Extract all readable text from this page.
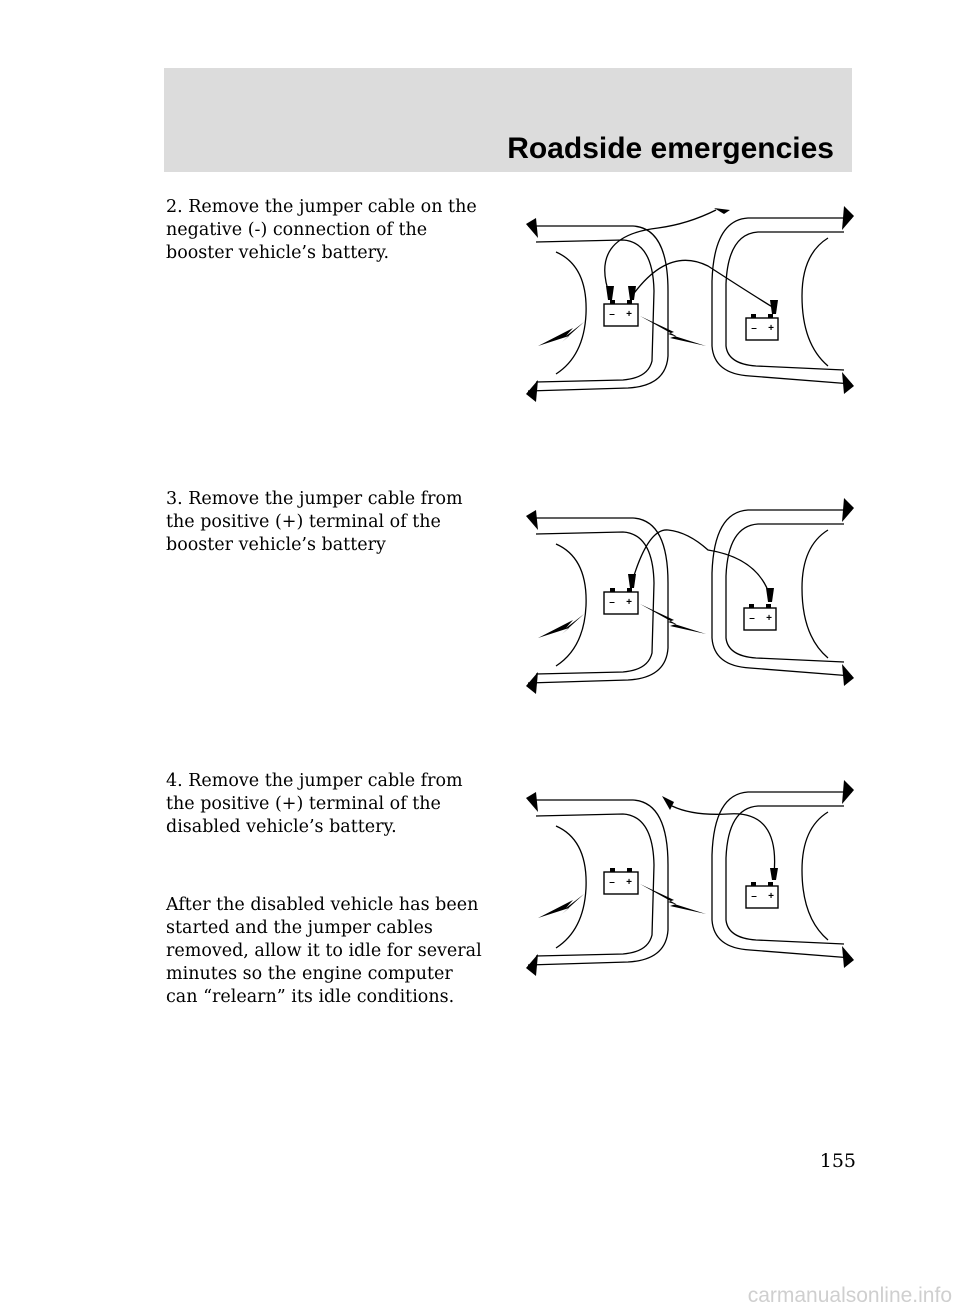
Roadside emergencies
2. Remove the jumper cable on the
negative (-) connection of the
booster vehicle’s battery.
3. Remove the jumper cable from
the positive (+) terminal of the
booster vehicle’s battery
4. Remove the jumper cable from
the positive (+) terminal of the
disabled vehicle’s battery.
After the disabled vehicle has been
started and the jumper cables
removed, allow it to idle for several
minutes so the engine computer
can “relearn” its idle conditions.
– +
– +
– +
– +
– +
– +
155
carmanualsonline.info
